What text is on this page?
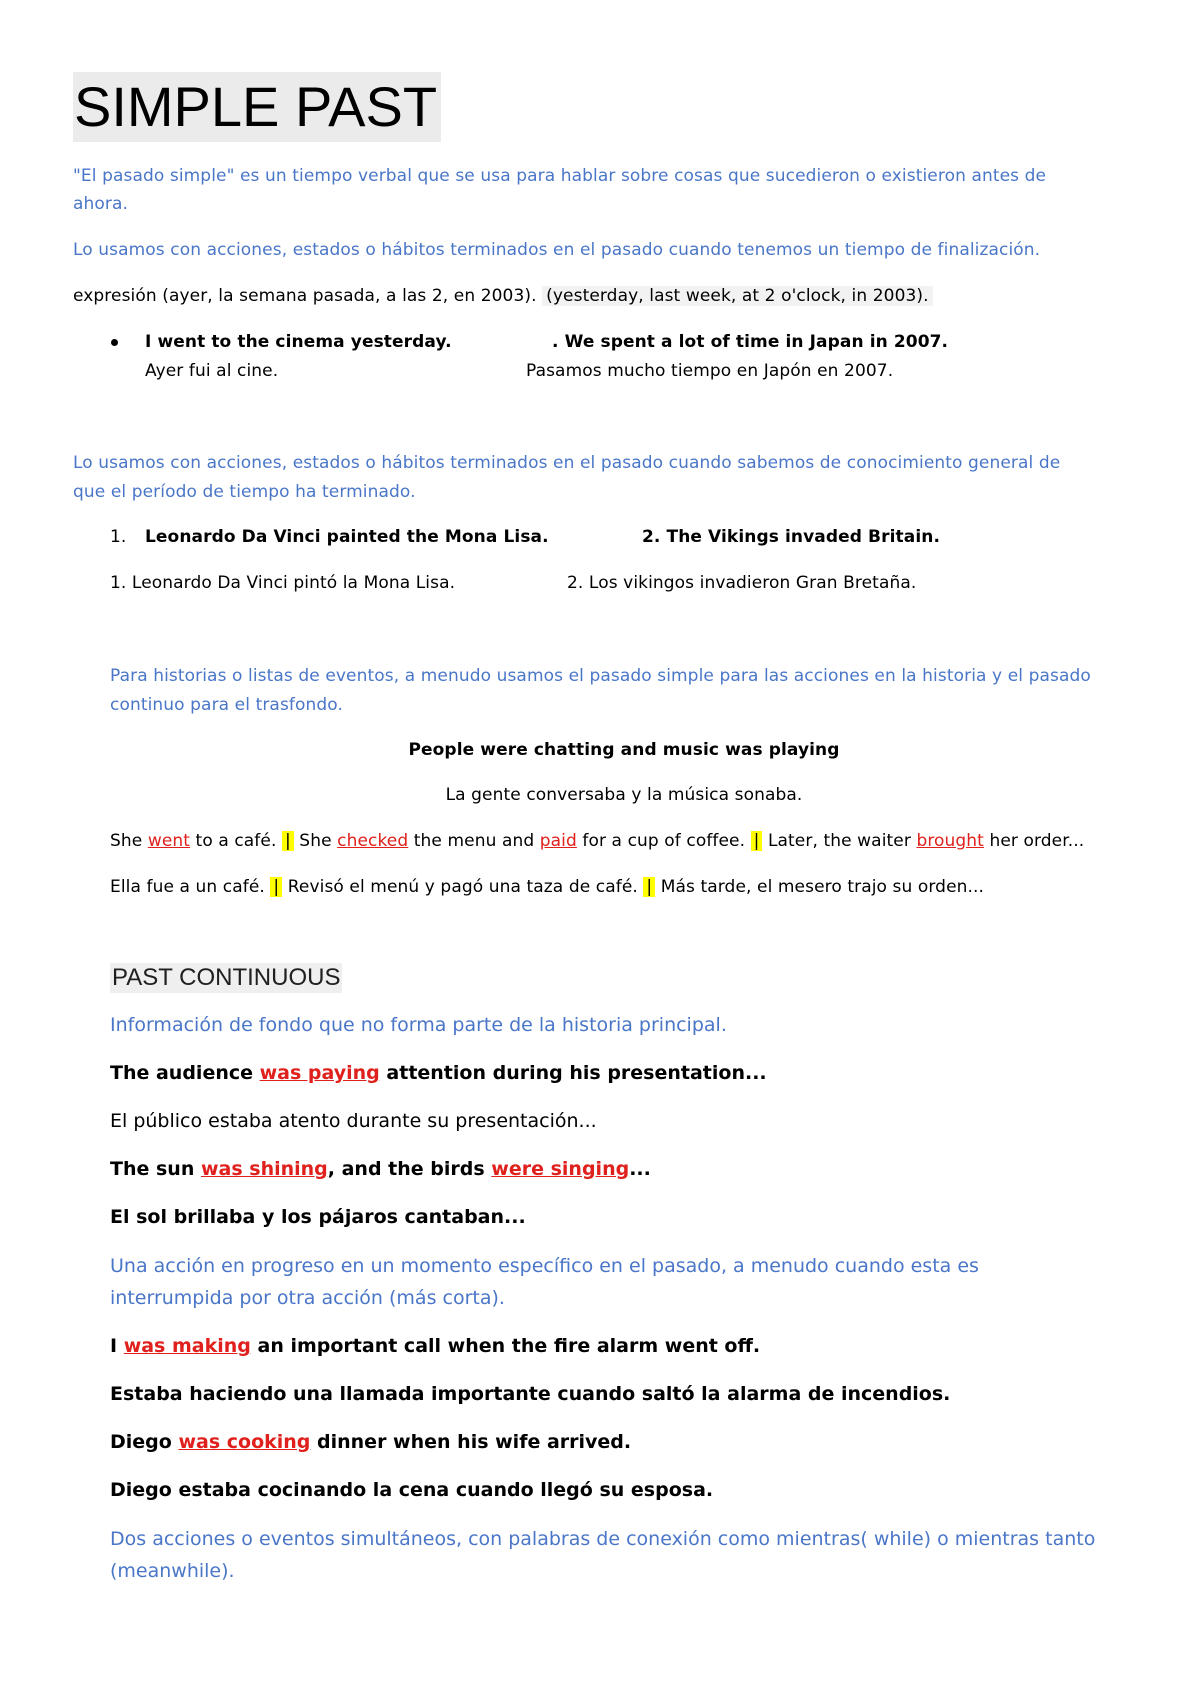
SIMPLE PAST
"El pasado simple" es un tiempo verbal que se usa para hablar sobre cosas que sucedieron o existieron antes de
ahora.
Lo usamos con acciones, estados o hábitos terminados en el pasado cuando tenemos un tiempo de finalización.
expresión (ayer, la semana pasada, a las 2, en 2003). (yesterday, last week, at 2 o'clock, in 2003).
I went to the cinema yesterday.	. We spent a lot of time in Japan in 2007.
Ayer fui al cine.	Pasamos mucho tiempo en Japón en 2007.
Lo usamos con acciones, estados o hábitos terminados en el pasado cuando sabemos de conocimiento general de
que el período de tiempo ha terminado.
1. Leonardo Da Vinci painted the Mona Lisa.	2. The Vikings invaded Britain.
1. Leonardo Da Vinci pintó la Mona Lisa.	2. Los vikingos invadieron Gran Bretaña.
Para historias o listas de eventos, a menudo usamos el pasado simple para las acciones en la historia y el pasado
continuo para el trasfondo.
People were chatting and music was playing
La gente conversaba y la música sonaba.
She went to a café. | She checked the menu and paid for a cup of coffee. | Later, the waiter brought her order...
Ella fue a un café. | Revisó el menú y pagó una taza de café. | Más tarde, el mesero trajo su orden...
PAST CONTINUOUS
Información de fondo que no forma parte de la historia principal.
The audience was paying attention during his presentation...
El público estaba atento durante su presentación...
The sun was shining, and the birds were singing...
El sol brillaba y los pájaros cantaban...
Una acción en progreso en un momento específico en el pasado, a menudo cuando esta es
interrumpida por otra acción (más corta).
I was making an important call when the fire alarm went off.
Estaba haciendo una llamada importante cuando saltó la alarma de incendios.
Diego was cooking dinner when his wife arrived.
Diego estaba cocinando la cena cuando llegó su esposa.
Dos acciones o eventos simultáneos, con palabras de conexión como mientras( while) o mientras tanto
(meanwhile).
